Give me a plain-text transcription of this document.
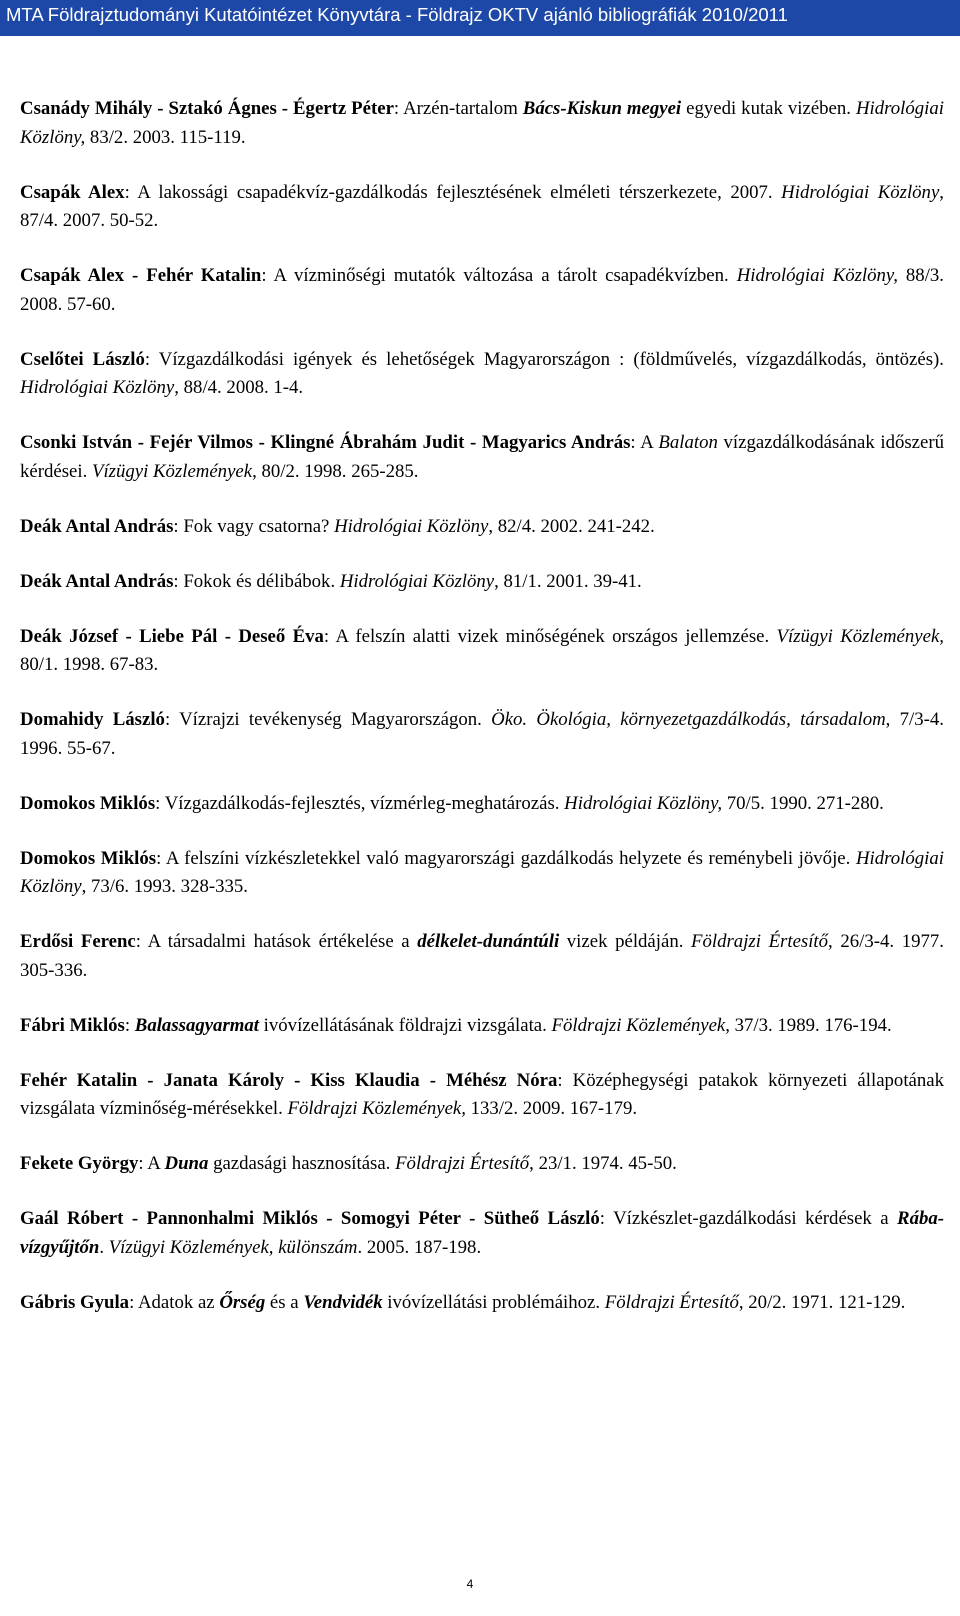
MTA Földrajztudományi Kutatóintézet Könyvtára - Földrajz OKTV ajánló bibliográfiák 2010/2011

Csanády Mihály - Sztakó Ágnes - Égertz Péter: Arzén-tartalom Bács-Kiskun megyei egyedi kutak vizében. Hidrológiai Közlöny, 83/2. 2003. 115-119.

Csapák Alex: A lakossági csapadékvíz-gazdálkodás fejlesztésének elméleti térszerkezete, 2007. Hidrológiai Közlöny, 87/4. 2007. 50-52.

Csapák Alex - Fehér Katalin: A vízminőségi mutatók változása a tárolt csapadékvízben. Hidrológiai Közlöny, 88/3. 2008. 57-60.

Cselőtei László: Vízgazdálkodási igények és lehetőségek Magyarországon : (földművelés, vízgazdálkodás, öntözés). Hidrológiai Közlöny, 88/4. 2008. 1-4.

Csonki István - Fejér Vilmos - Klingné Ábrahám Judit - Magyarics András: A Balaton vízgazdálkodásának időszerű kérdései. Vízügyi Közlemények, 80/2. 1998. 265-285.

Deák Antal András: Fok vagy csatorna? Hidrológiai Közlöny, 82/4. 2002. 241-242.

Deák Antal András: Fokok és délibábok. Hidrológiai Közlöny, 81/1. 2001. 39-41.

Deák József - Liebe Pál - Deseő Éva: A felszín alatti vizek minőségének országos jellemzése. Vízügyi Közlemények, 80/1. 1998. 67-83.

Domahidy László: Vízrajzi tevékenység Magyarországon. Öko. Ökológia, környezetgazdálkodás, társadalom, 7/3-4. 1996. 55-67.

Domokos Miklós: Vízgazdálkodás-fejlesztés, vízmérleg-meghatározás. Hidrológiai Közlöny, 70/5. 1990. 271-280.

Domokos Miklós: A felszíni vízkészletekkel való magyarországi gazdálkodás helyzete és reménybeli jövője. Hidrológiai Közlöny, 73/6. 1993. 328-335.

Erdősi Ferenc: A társadalmi hatások értékelése a délkelet-dunántúli vizek példáján. Földrajzi Értesítő, 26/3-4. 1977. 305-336.

Fábri Miklós: Balassagyarmat ivóvízellátásának földrajzi vizsgálata. Földrajzi Közlemények, 37/3. 1989. 176-194.

Fehér Katalin - Janata Károly - Kiss Klaudia - Méhész Nóra: Középhegységi patakok környezeti állapotának vizsgálata vízminőség-mérésekkel. Földrajzi Közlemények, 133/2. 2009. 167-179.

Fekete György: A Duna gazdasági hasznosítása. Földrajzi Értesítő, 23/1. 1974. 45-50.

Gaál Róbert - Pannonhalmi Miklós - Somogyi Péter - Sütheő László: Vízkészlet-gazdálkodási kérdések a Rába-vízgyűjtőn. Vízügyi Közlemények, különszám. 2005. 187-198.

Gábris Gyula: Adatok az Őrség és a Vendvidék ivóvízellátási problémáihoz. Földrajzi Értesítő, 20/2. 1971. 121-129.

4
